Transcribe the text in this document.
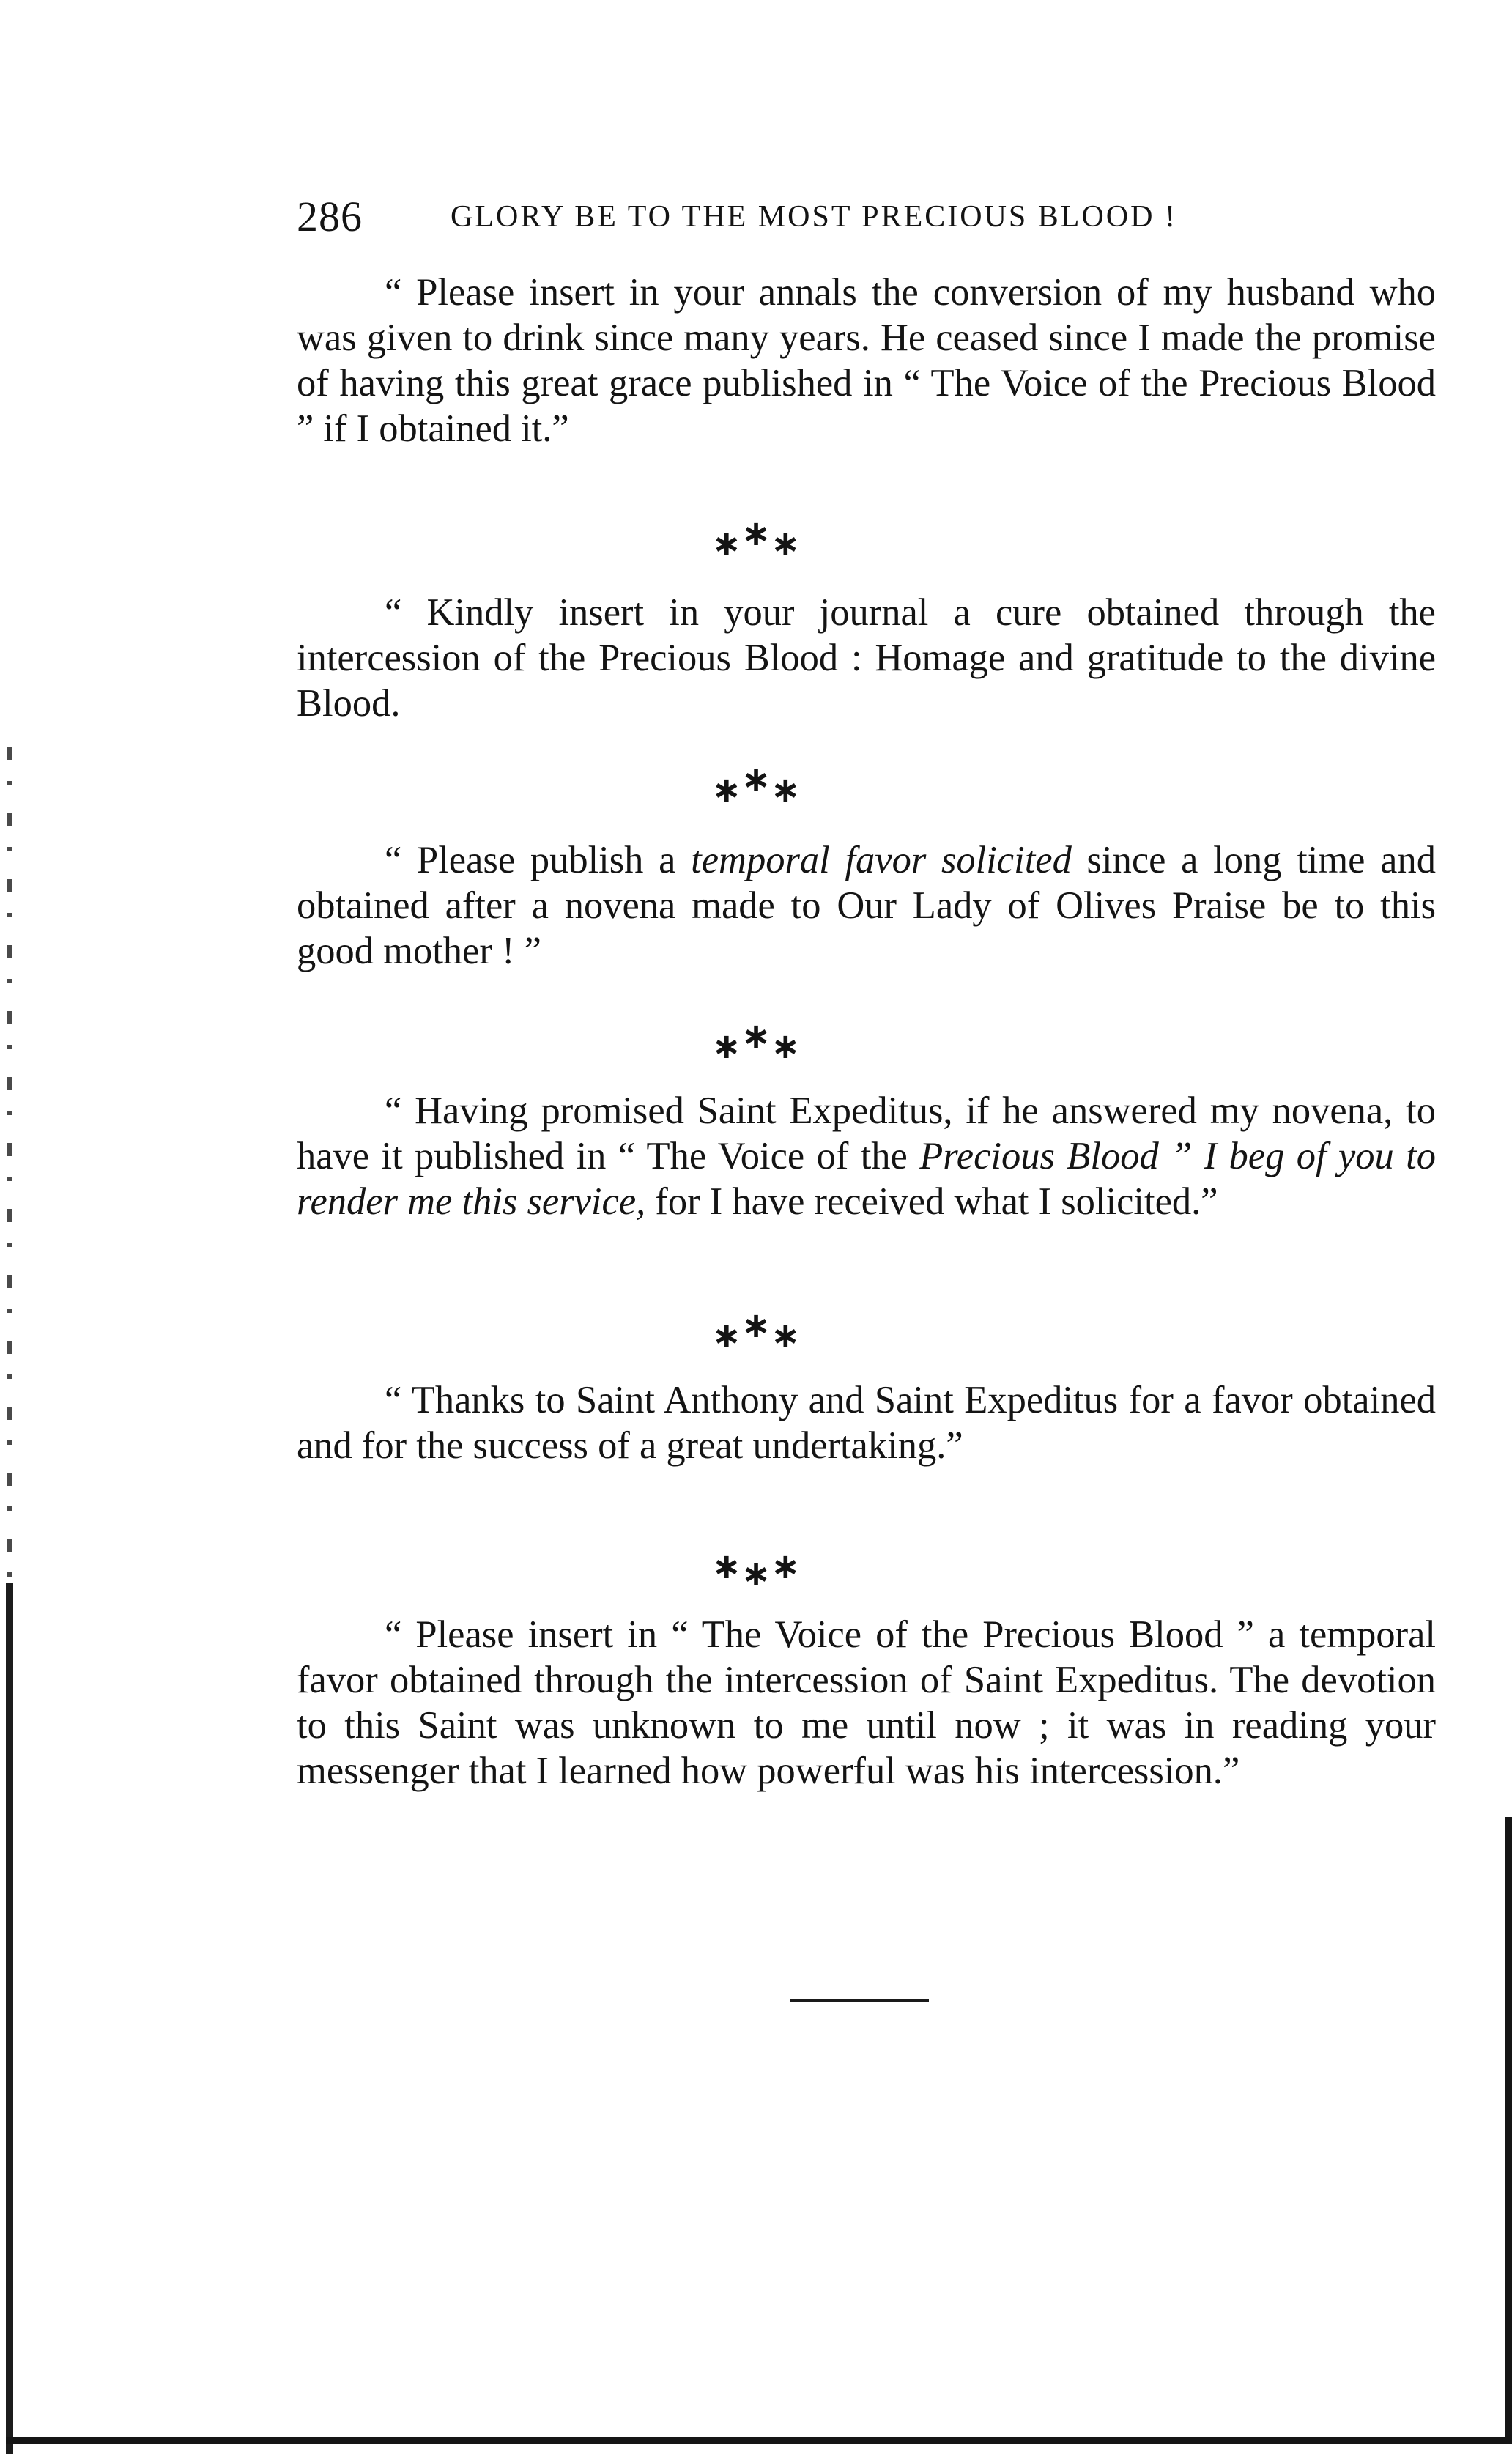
286	GLORY BE TO THE MOST PRECIOUS BLOOD !

“ Please insert in your annals the conversion of my husband who was given to drink since many years. He ceased since I made the promise of having this great grace published in “ The Voice of the Precious Blood ” if I obtained it.”

∗∗∗

“ Kindly insert in your journal a cure obtained through the intercession of the Precious Blood : Homage and gratitude to the divine Blood.

∗∗∗

“ Please publish a temporal favor solicited since a long time and obtained after a novena made to Our Lady of Olives Praise be to this good mother ! ”

∗∗∗

“ Having promised Saint Expeditus, if he answered my novena, to have it published in “ The Voice of the Precious Blood ” I beg of you to render me this service, for I have received what I solicited.”

∗∗∗

“ Thanks to Saint Anthony and Saint Expeditus for a favor obtained and for the success of a great undertaking.”

∗∗∗

“ Please insert in “ The Voice of the Precious Blood ” a temporal favor obtained through the intercession of Saint Expeditus. The devotion to this Saint was unknown to me until now ; it was in reading your messenger that I learned how powerful was his intercession.”
